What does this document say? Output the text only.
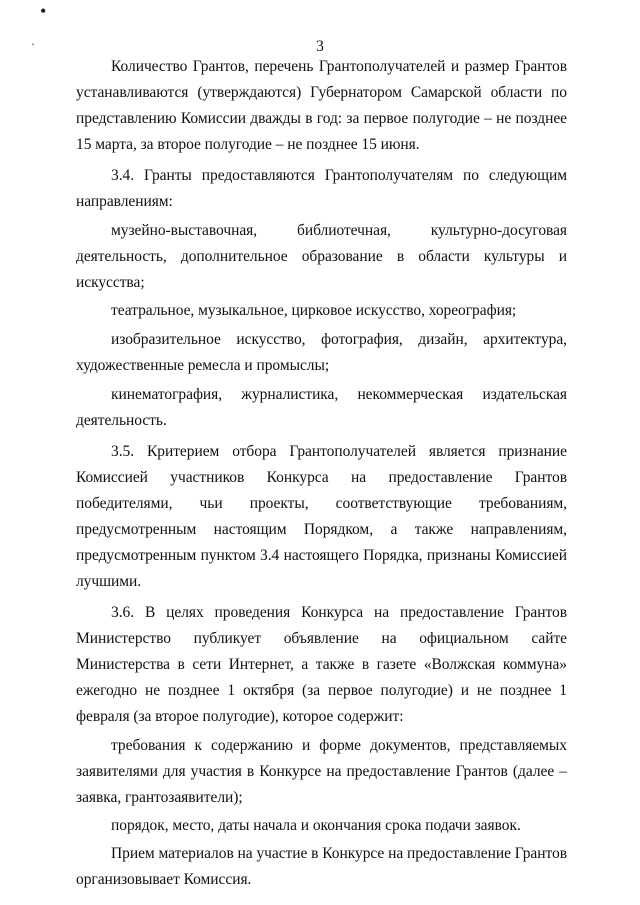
•
·	3

Количество Грантов, перечень Грантополучателей и размер Грантов устанавливаются (утверждаются) Губернатором Самарской области по представлению Комиссии дважды в год: за первое полугодие – не позднее 15 марта, за второе полугодие – не позднее 15 июня.

3.4. Гранты предоставляются Грантополучателям по следующим направлениям:

музейно-выставочная, библиотечная, культурно-досуговая деятельность, дополнительное образование в области культуры и искусства;

театральное, музыкальное, цирковое искусство, хореография;

изобразительное искусство, фотография, дизайн, архитектура, художественные ремесла и промыслы;

кинематография, журналистика, некоммерческая издательская деятельность.

3.5. Критерием отбора Грантополучателей является признание Комиссией участников Конкурса на предоставление Грантов победителями, чьи проекты, соответствующие требованиям, предусмотренным настоящим Порядком, а также направлениям, предусмотренным пунктом 3.4 настоящего Порядка, признаны Комиссией лучшими.

3.6. В целях проведения Конкурса на предоставление Грантов Министерство публикует объявление на официальном сайте Министерства в сети Интернет, а также в газете «Волжская коммуна» ежегодно не позднее 1 октября (за первое полугодие) и не позднее 1 февраля (за второе полугодие), которое содержит:

требования к содержанию и форме документов, представляемых заявителями для участия в Конкурсе на предоставление Грантов (далее – заявка, грантозаявители);

порядок, место, даты начала и окончания срока подачи заявок.

Прием материалов на участие в Конкурсе на предоставление Грантов организовывает Комиссия.
